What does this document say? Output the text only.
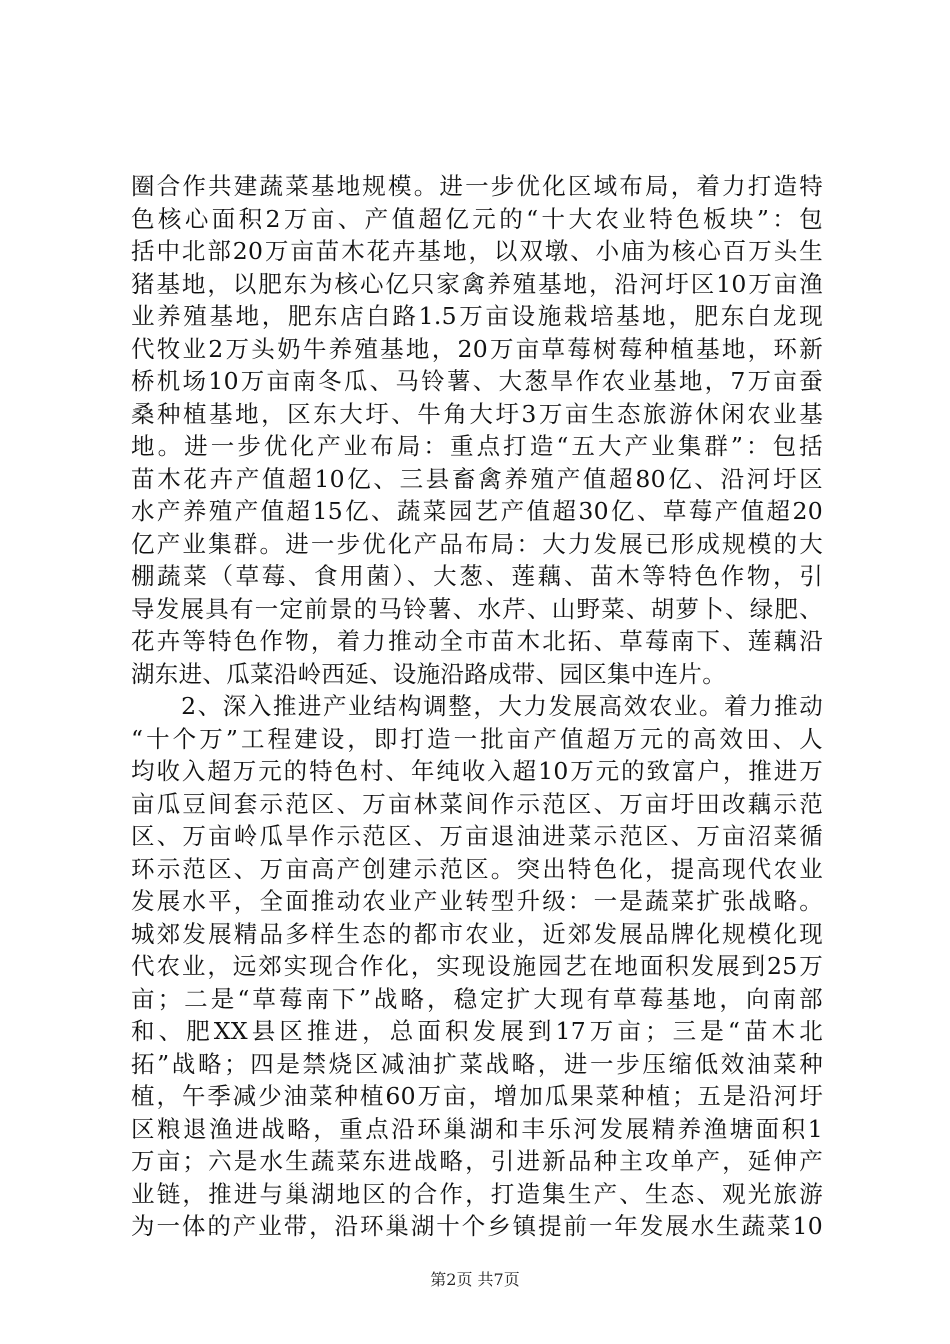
圈合作共建蔬菜基地规模。进一步优化区域布局，着力打造特
色核心面积2万亩、产值超亿元的“十大农业特色板块”：包
括中北部20万亩苗木花卉基地，以双墩、小庙为核心百万头生
猪基地，以肥东为核心亿只家禽养殖基地，沿河圩区10万亩渔
业养殖基地，肥东店白路1.5万亩设施栽培基地，肥东白龙现
代牧业2万头奶牛养殖基地，20万亩草莓树莓种植基地，环新
桥机场10万亩南冬瓜、马铃薯、大葱旱作农业基地，7万亩蚕
桑种植基地，区东大圩、牛角大圩3万亩生态旅游休闲农业基
地。进一步优化产业布局：重点打造“五大产业集群”：包括
苗木花卉产值超10亿、三县畜禽养殖产值超80亿、沿河圩区
水产养殖产值超15亿、蔬菜园艺产值超30亿、草莓产值超20
亿产业集群。进一步优化产品布局：大力发展已形成规模的大
棚蔬菜（草莓、食用菌）、大葱、莲藕、苗木等特色作物，引
导发展具有一定前景的马铃薯、水芹、山野菜、胡萝卜、绿肥、
花卉等特色作物，着力推动全市苗木北拓、草莓南下、莲藕沿
湖东进、瓜菜沿岭西延、设施沿路成带、园区集中连片。
　　2、深入推进产业结构调整，大力发展高效农业。着力推动
“十个万”工程建设，即打造一批亩产值超万元的高效田、人
均收入超万元的特色村、年纯收入超10万元的致富户，推进万
亩瓜豆间套示范区、万亩林菜间作示范区、万亩圩田改藕示范
区、万亩岭瓜旱作示范区、万亩退油进菜示范区、万亩沼菜循
环示范区、万亩高产创建示范区。突出特色化，提高现代农业
发展水平，全面推动农业产业转型升级：一是蔬菜扩张战略。
城郊发展精品多样生态的都市农业，近郊发展品牌化规模化现
代农业，远郊实现合作化，实现设施园艺在地面积发展到25万
亩；二是“草莓南下”战略，稳定扩大现有草莓基地，向南部
和、肥XX县区推进，总面积发展到17万亩；三是“苗木北
拓”战略；四是禁烧区减油扩菜战略，进一步压缩低效油菜种
植，午季减少油菜种植60万亩，增加瓜果菜种植；五是沿河圩
区粮退渔进战略，重点沿环巢湖和丰乐河发展精养渔塘面积1
万亩；六是水生蔬菜东进战略，引进新品种主攻单产，延伸产
业链，推进与巢湖地区的合作，打造集生产、生态、观光旅游
为一体的产业带，沿环巢湖十个乡镇提前一年发展水生蔬菜10
第2页 共7页
